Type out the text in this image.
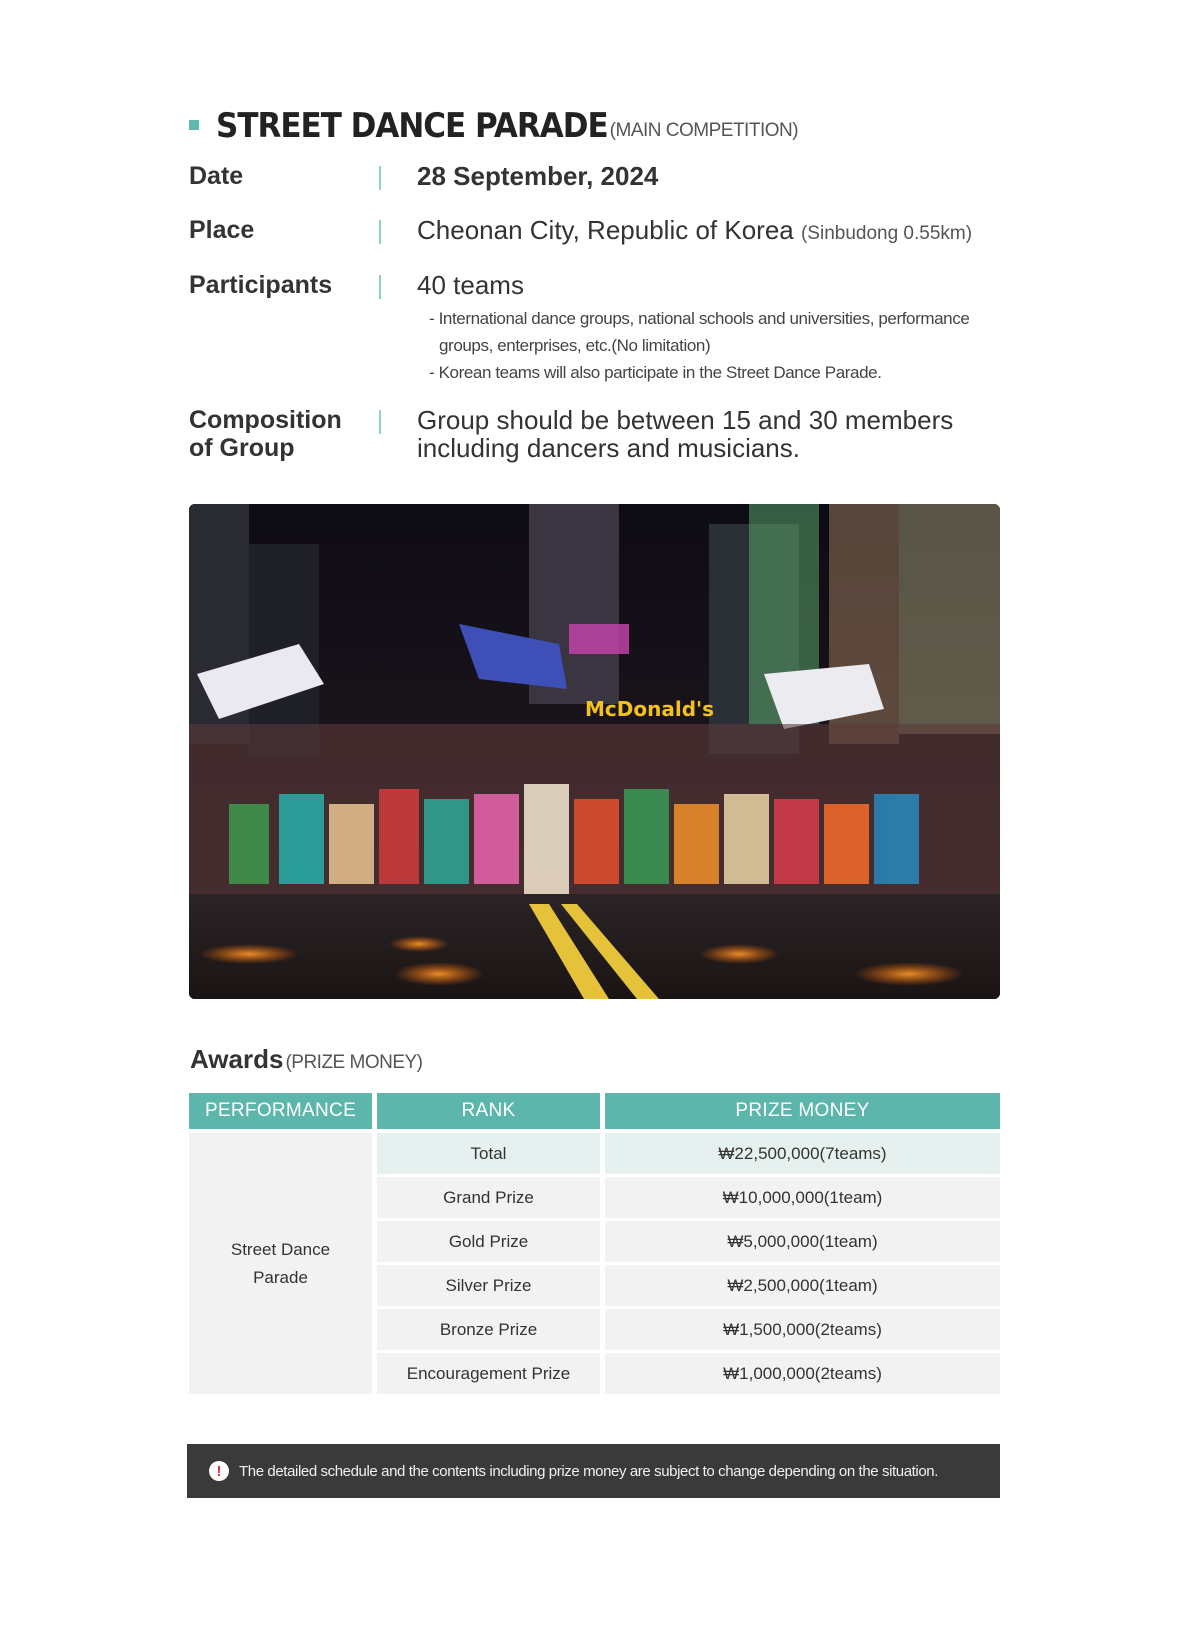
STREET DANCE PARADE (MAIN COMPETITION)
Date	28 September, 2024
Place	Cheonan City, Republic of Korea (Sinbudong 0.55km)
Participants	40 teams
- International dance groups, national schools and universities, performance groups, enterprises, etc.(No limitation)
- Korean teams will also participate in the Street Dance Parade.
Composition
of Group
Group should be between 15 and 30 members including dancers and musicians.
McDonald's
Awards (PRIZE MONEY)
PERFORMANCE	RANK	PRIZE MONEY

Street Dance
Parade	Total	₩22,500,000(7teams)
	Grand Prize	₩10,000,000(1team)
	Gold Prize	₩5,000,000(1team)
	Silver Prize	₩2,500,000(1team)
	Bronze Prize	₩1,500,000(2teams)
	Encouragement Prize	₩1,000,000(2teams)
! The detailed schedule and the contents including prize money are subject to change depending on the situation.
